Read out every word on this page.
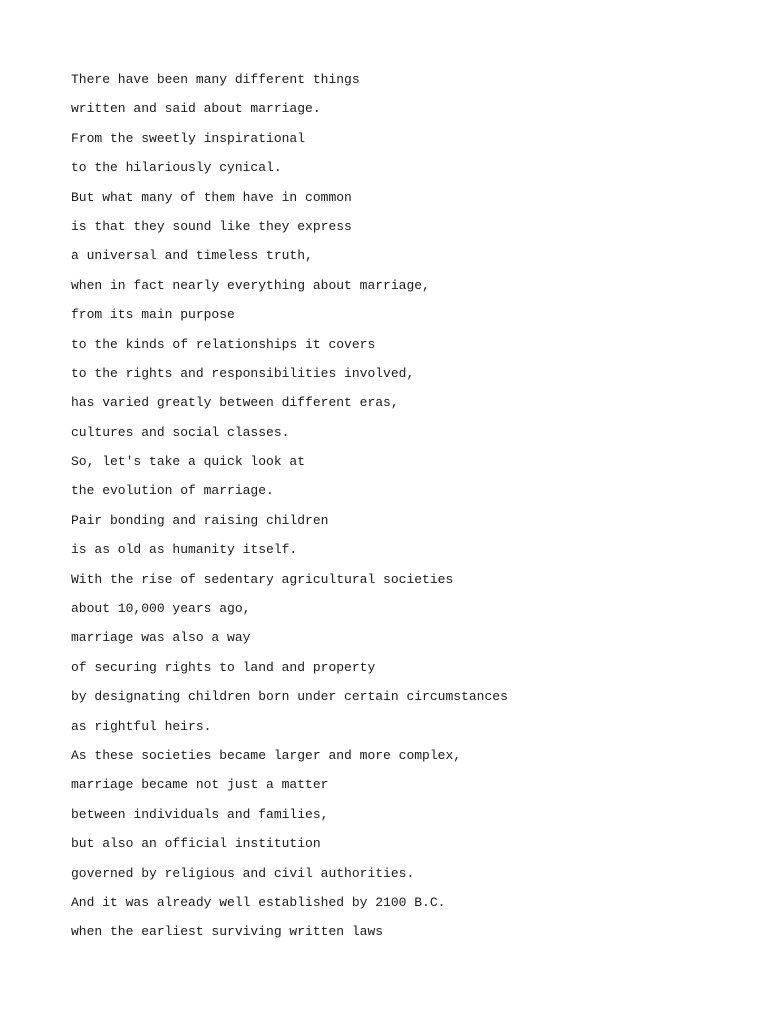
There have been many different things

written and said about marriage.

From the sweetly inspirational

to the hilariously cynical.

But what many of them have in common

is that they sound like they express

a universal and timeless truth,

when in fact nearly everything about marriage,

from its main purpose

to the kinds of relationships it covers

to the rights and responsibilities involved,

has varied greatly between different eras,

cultures and social classes.

So, let's take a quick look at

the evolution of marriage.

Pair bonding and raising children

is as old as humanity itself.

With the rise of sedentary agricultural societies

about 10,000 years ago,

marriage was also a way

of securing rights to land and property

by designating children born under certain circumstances

as rightful heirs.

As these societies became larger and more complex,

marriage became not just a matter

between individuals and families,

but also an official institution

governed by religious and civil authorities.

And it was already well established by 2100 B.C.

when the earliest surviving written laws
